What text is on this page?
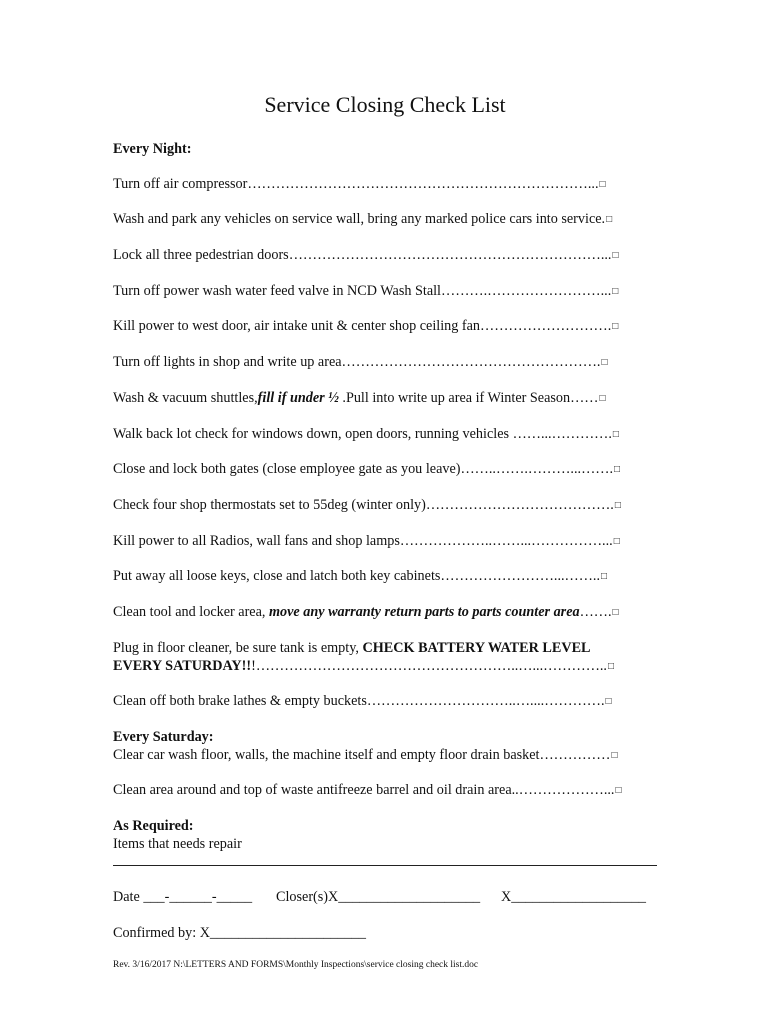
Service Closing Check List
Every Night:
Turn off air compressor………………………………………………………………...□
Wash and park any vehicles on service wall, bring any marked police cars into service.□
Lock all three pedestrian doors…………………………………………………………...□
Turn off power wash water feed valve in NCD Wash Stall……….……………………...□
Kill power to west door, air intake unit & center shop ceiling fan……………………….□
Turn off lights in shop and write up area……………………………………………….□
Wash & vacuum shuttles,fill if under ½ .Pull into write up area if Winter Season……□
Walk back lot check for windows down, open doors, running vehicles ……...………….□
Close and lock both gates (close employee gate as you leave)……..…….………...…….□
Check four shop thermostats set to 55deg (winter only)………………………………….□
Kill power to all Radios, wall fans and shop lamps………………..……...……………...□
Put away all loose keys, close and latch both key cabinets……………………...……..□
Clean tool and locker area, move any warranty return parts to parts counter area…….□
Plug in floor cleaner, be sure tank is empty, CHECK BATTERY WATER LEVEL
EVERY SATURDAY!!!………………………………………………..…...…………..□
Clean off both brake lathes & empty buckets…………………………..…....………….□
Every Saturday:
Clear car wash floor, walls, the machine itself and empty floor drain basket……………□
Clean area around and top of waste antifreeze barrel and oil drain area..………………...□
As Required:
Items that needs repair
Date ___-______-_____ Closer(s)X____________________ X___________________
Confirmed by: X______________________
Rev. 3/16/2017 N:\LETTERS AND FORMS\Monthly Inspections\service closing check list.doc
